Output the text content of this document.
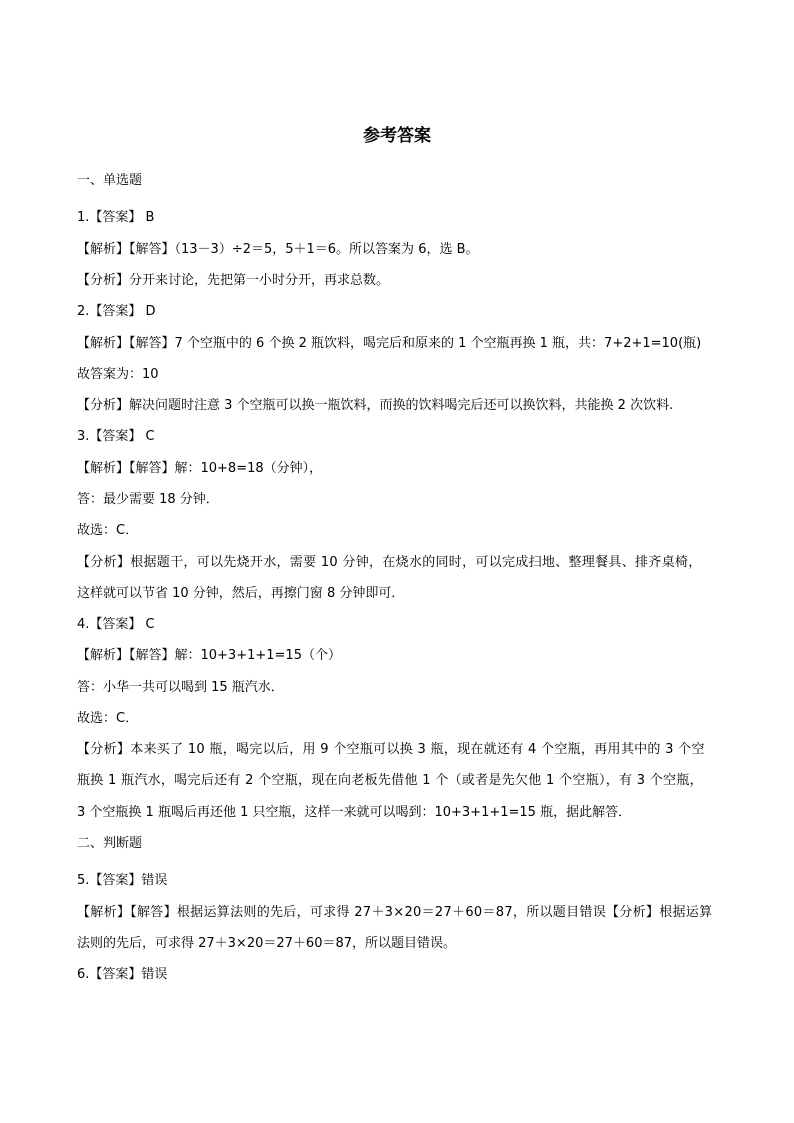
参考答案
一、单选题
1.【答案】 B
【解析】【解答】（13－3）÷2＝5，5＋1＝6。所以答案为 6，选 B。
【分析】分开来讨论，先把第一小时分开，再求总数。
2.【答案】 D
【解析】【解答】7 个空瓶中的 6 个换 2 瓶饮料，喝完后和原来的 1 个空瓶再换 1 瓶，共：7+2+1=10(瓶)
故答案为：10
【分析】解决问题时注意 3 个空瓶可以换一瓶饮料，而换的饮料喝完后还可以换饮料，共能换 2 次饮料.
3.【答案】 C
【解析】【解答】解：10+8=18（分钟），
答：最少需要 18 分钟．
故选：C．
【分析】根据题干，可以先烧开水，需要 10 分钟，在烧水的同时，可以完成扫地、整理餐具、排齐桌椅，
这样就可以节省 10 分钟，然后，再擦门窗 8 分钟即可．
4.【答案】 C
【解析】【解答】解：10+3+1+1=15（个）
答：小华一共可以喝到 15 瓶汽水．
故选：C．
【分析】本来买了 10 瓶，喝完以后，用 9 个空瓶可以换 3 瓶，现在就还有 4 个空瓶，再用其中的 3 个空
瓶换 1 瓶汽水，喝完后还有 2 个空瓶，现在向老板先借他 1 个（或者是先欠他 1 个空瓶），有 3 个空瓶，
3 个空瓶换 1 瓶喝后再还他 1 只空瓶，这样一来就可以喝到：10+3+1+1=15 瓶，据此解答．
二、判断题
5.【答案】错误
【解析】【解答】根据运算法则的先后，可求得 27＋3×20＝27＋60＝87，所以题目错误【分析】根据运算
法则的先后，可求得 27＋3×20＝27＋60＝87，所以题目错误。
6.【答案】错误
